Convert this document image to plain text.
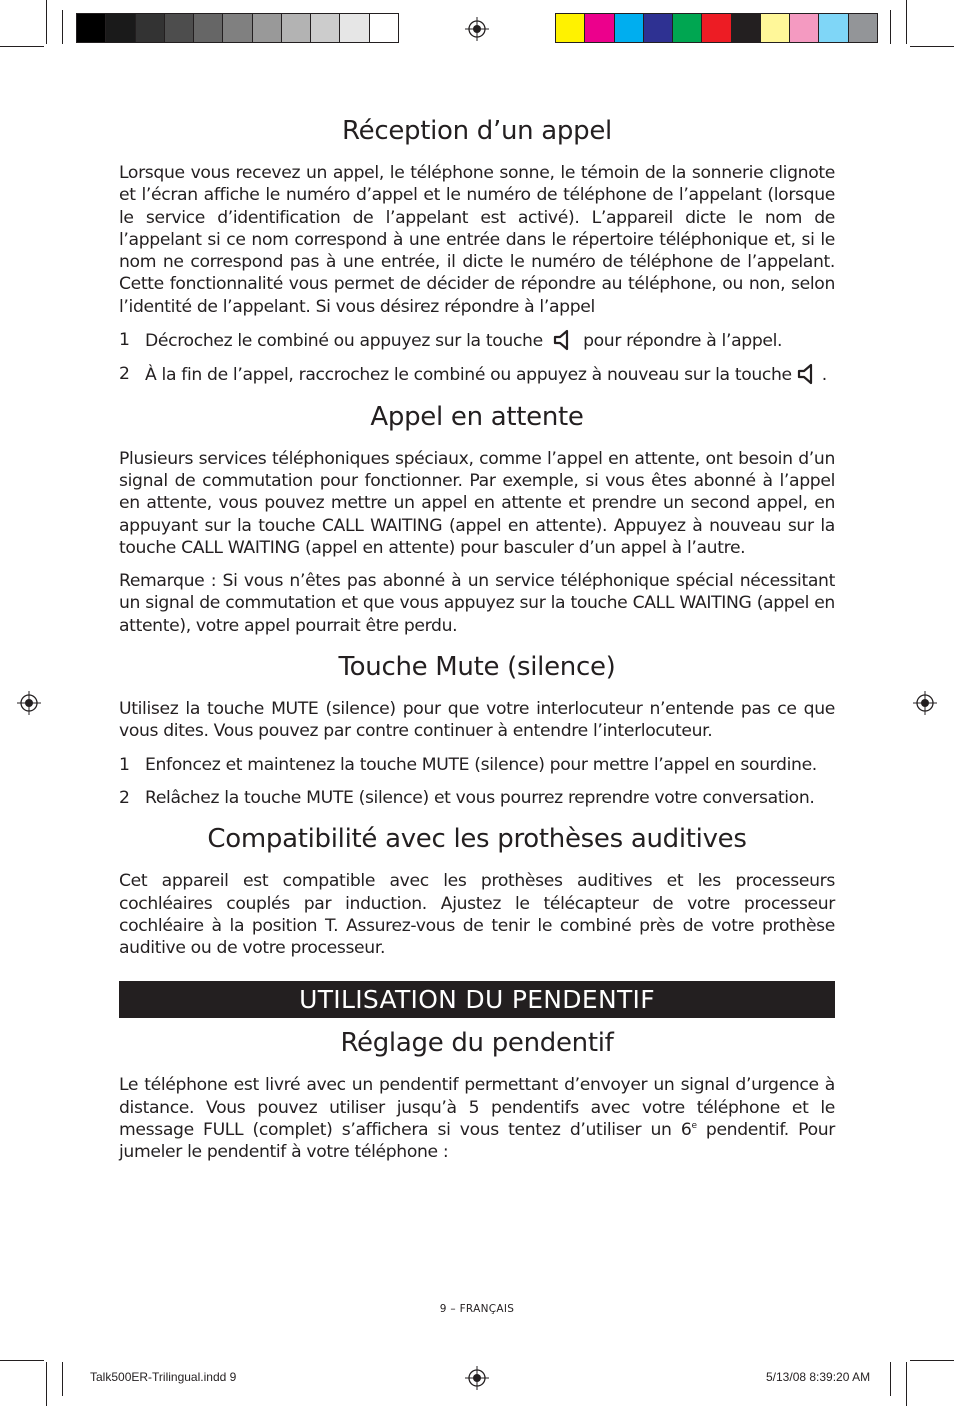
Réception d’un appel

Lorsque vous recevez un appel, le téléphone sonne, le témoin de la sonnerie clignote et l’écran affiche le numéro d’appel et le numéro de téléphone de l’appelant (lorsque le service d’identification de l’appelant est activé). L’appareil dicte le nom de l’appelant si ce nom correspond à une entrée dans le répertoire téléphonique et, si le nom ne correspond pas à une entrée, il dicte le numéro de téléphone de l’appelant. Cette fonctionnalité vous permet de décider de répondre au téléphone, ou non, selon l’identité de l’appelant. Si vous désirez répondre à l’appel

1 Décrochez le combiné ou appuyez sur la touche pour répondre à l’appel.
2 À la fin de l’appel, raccrochez le combiné ou appuyez à nouveau sur la touche .
Appel en attente

Plusieurs services téléphoniques spéciaux, comme l’appel en attente, ont besoin d’un signal de commutation pour fonctionner. Par exemple, si vous êtes abonné à l’appel en attente, vous pouvez mettre un appel en attente et prendre un second appel, en appuyant sur la touche CALL WAITING (appel en attente). Appuyez à nouveau sur la touche CALL WAITING (appel en attente) pour basculer d’un appel à l’autre.

Remarque : Si vous n’êtes pas abonné à un service téléphonique spécial nécessitant un signal de commutation et que vous appuyez sur la touche CALL WAITING (appel en attente), votre appel pourrait être perdu.

Touche Mute (silence)

Utilisez la touche MUTE (silence) pour que votre interlocuteur n’entende pas ce que vous dites. Vous pouvez par contre continuer à entendre l’interlocuteur.

1 Enfoncez et maintenez la touche MUTE (silence) pour mettre l’appel en sourdine.
2 Relâchez la touche MUTE (silence) et vous pourrez reprendre votre conversation.
Compatibilité avec les prothèses auditives

Cet appareil est compatible avec les prothèses auditives et les processeurs cochléaires couplés par induction. Ajustez le télécapteur de votre processeur cochléaire à la position T. Assurez-vous de tenir le combiné près de votre prothèse auditive ou de votre processeur.

UTILISATION DU PENDENTIF
Réglage du pendentif

Le téléphone est livré avec un pendentif permettant d’envoyer un signal d’urgence à distance. Vous pouvez utiliser jusqu’à 5 pendentifs avec votre téléphone et le message FULL (complet) s’affichera si vous tentez d’utiliser un 6e pendentif. Pour jumeler le pendentif à votre téléphone :

9 – FRANÇAIS
Talk500ER-Trilingual.indd 9	5/13/08 8:39:20 AM
